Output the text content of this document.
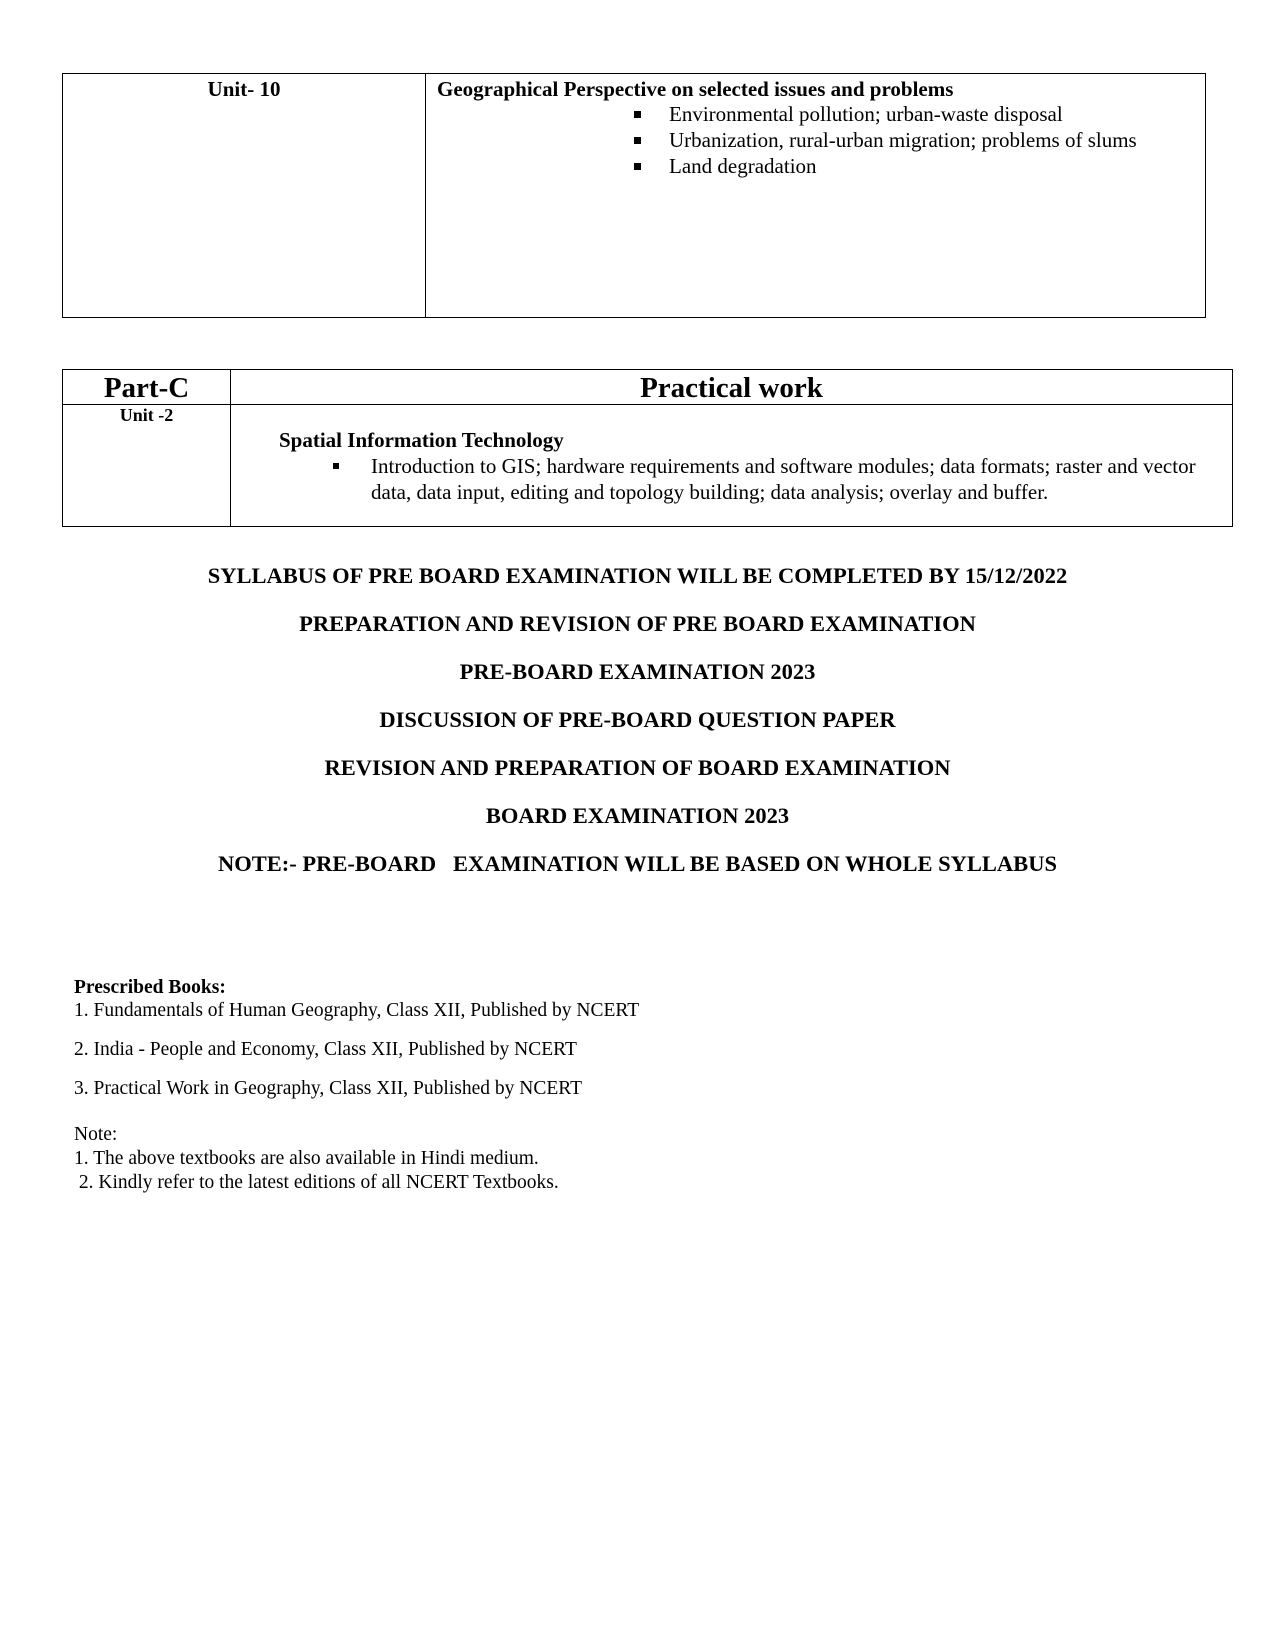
Unit- 10	Geographical Perspective on selected issues and problems
Environmental pollution; urban-waste disposal
Urbanization, rural-urban migration; problems of slums
Land degradation
Part-C	Practical work
Unit -2
Spatial Information Technology
Introduction to GIS; hardware requirements and software modules; data formats; raster and vector data, data input, editing and topology building; data analysis; overlay and buffer.
SYLLABUS OF PRE BOARD EXAMINATION WILL BE COMPLETED BY 15/12/2022
PREPARATION AND REVISION OF PRE BOARD EXAMINATION
PRE-BOARD EXAMINATION 2023
DISCUSSION OF PRE-BOARD QUESTION PAPER
REVISION AND PREPARATION OF BOARD EXAMINATION
BOARD EXAMINATION 2023
NOTE:- PRE-BOARD   EXAMINATION WILL BE BASED ON WHOLE SYLLABUS
Prescribed Books:
1. Fundamentals of Human Geography, Class XII, Published by NCERT
2. India - People and Economy, Class XII, Published by NCERT
3. Practical Work in Geography, Class XII, Published by NCERT
Note:
1. The above textbooks are also available in Hindi medium.
2. Kindly refer to the latest editions of all NCERT Textbooks.
